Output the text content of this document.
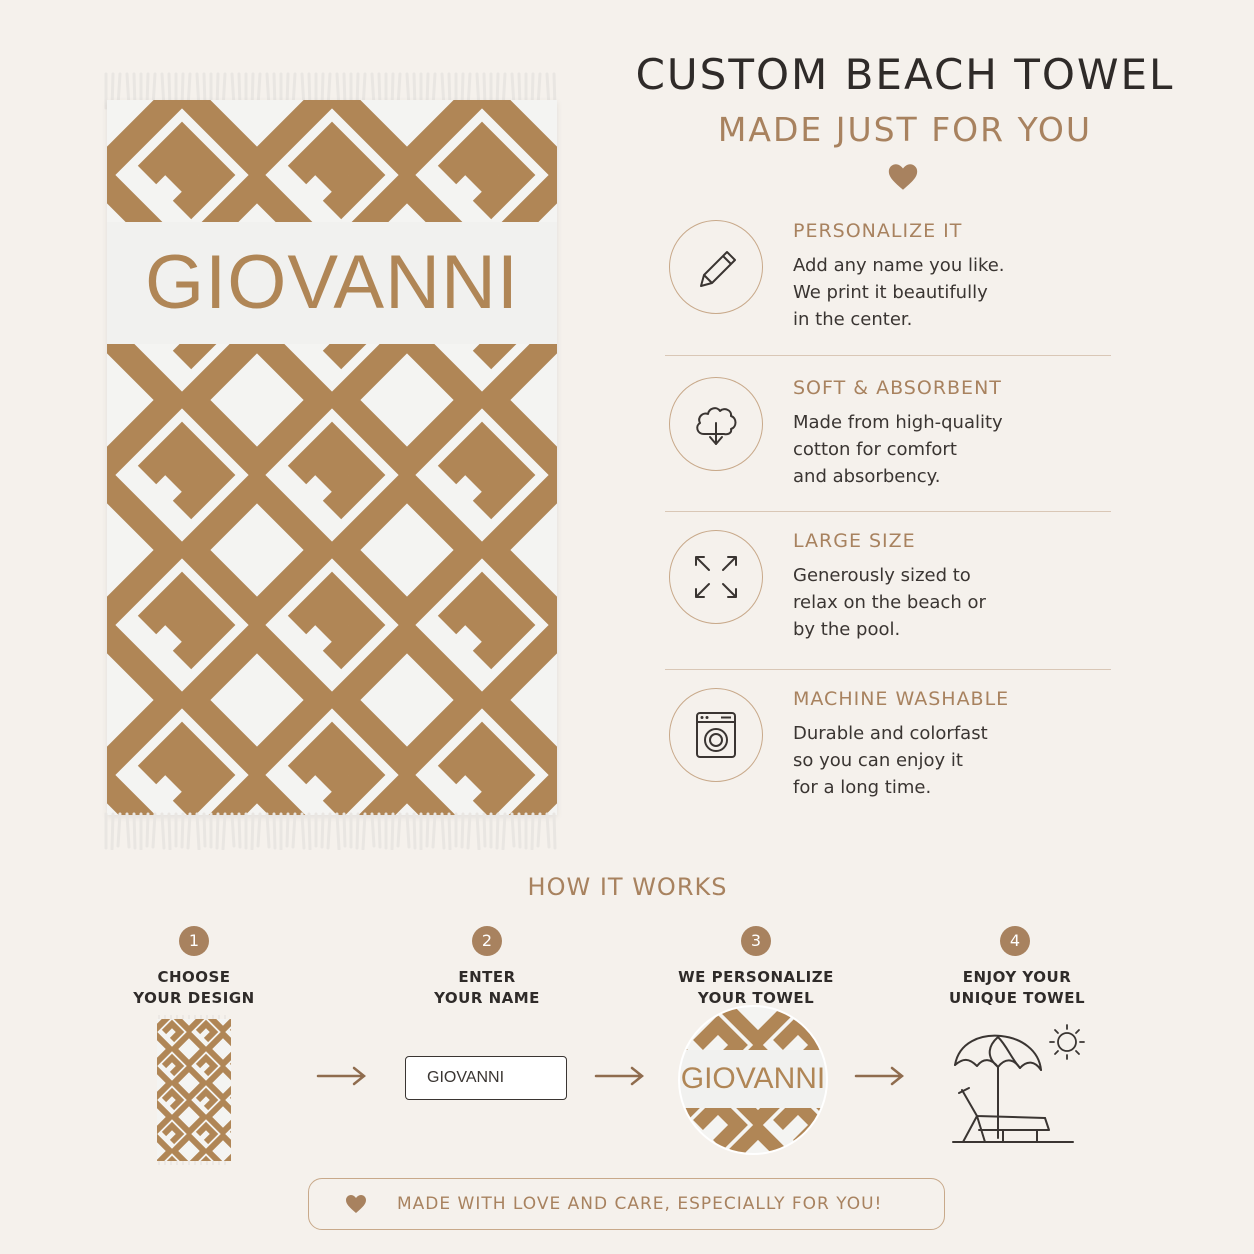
GIOVANNI
CUSTOM BEACH TOWEL
MADE JUST FOR YOU
PERSONALIZE IT
Add any name you like.
We print it beautifully
in the center.
SOFT & ABSORBENT
Made from high-quality
cotton for comfort
and absorbency.
LARGE SIZE
Generously sized to
relax on the beach or
by the pool.
MACHINE WASHABLE
Durable and colorfast
so you can enjoy it
for a long time.
HOW IT WORKS
1	2	3	4
CHOOSE
YOUR DESIGN
ENTER
YOUR NAME
WE PERSONALIZE
YOUR TOWEL
ENJOY YOUR
UNIQUE TOWEL
GIOVANNI	GIOVANNI
MADE WITH LOVE AND CARE, ESPECIALLY FOR YOU!
